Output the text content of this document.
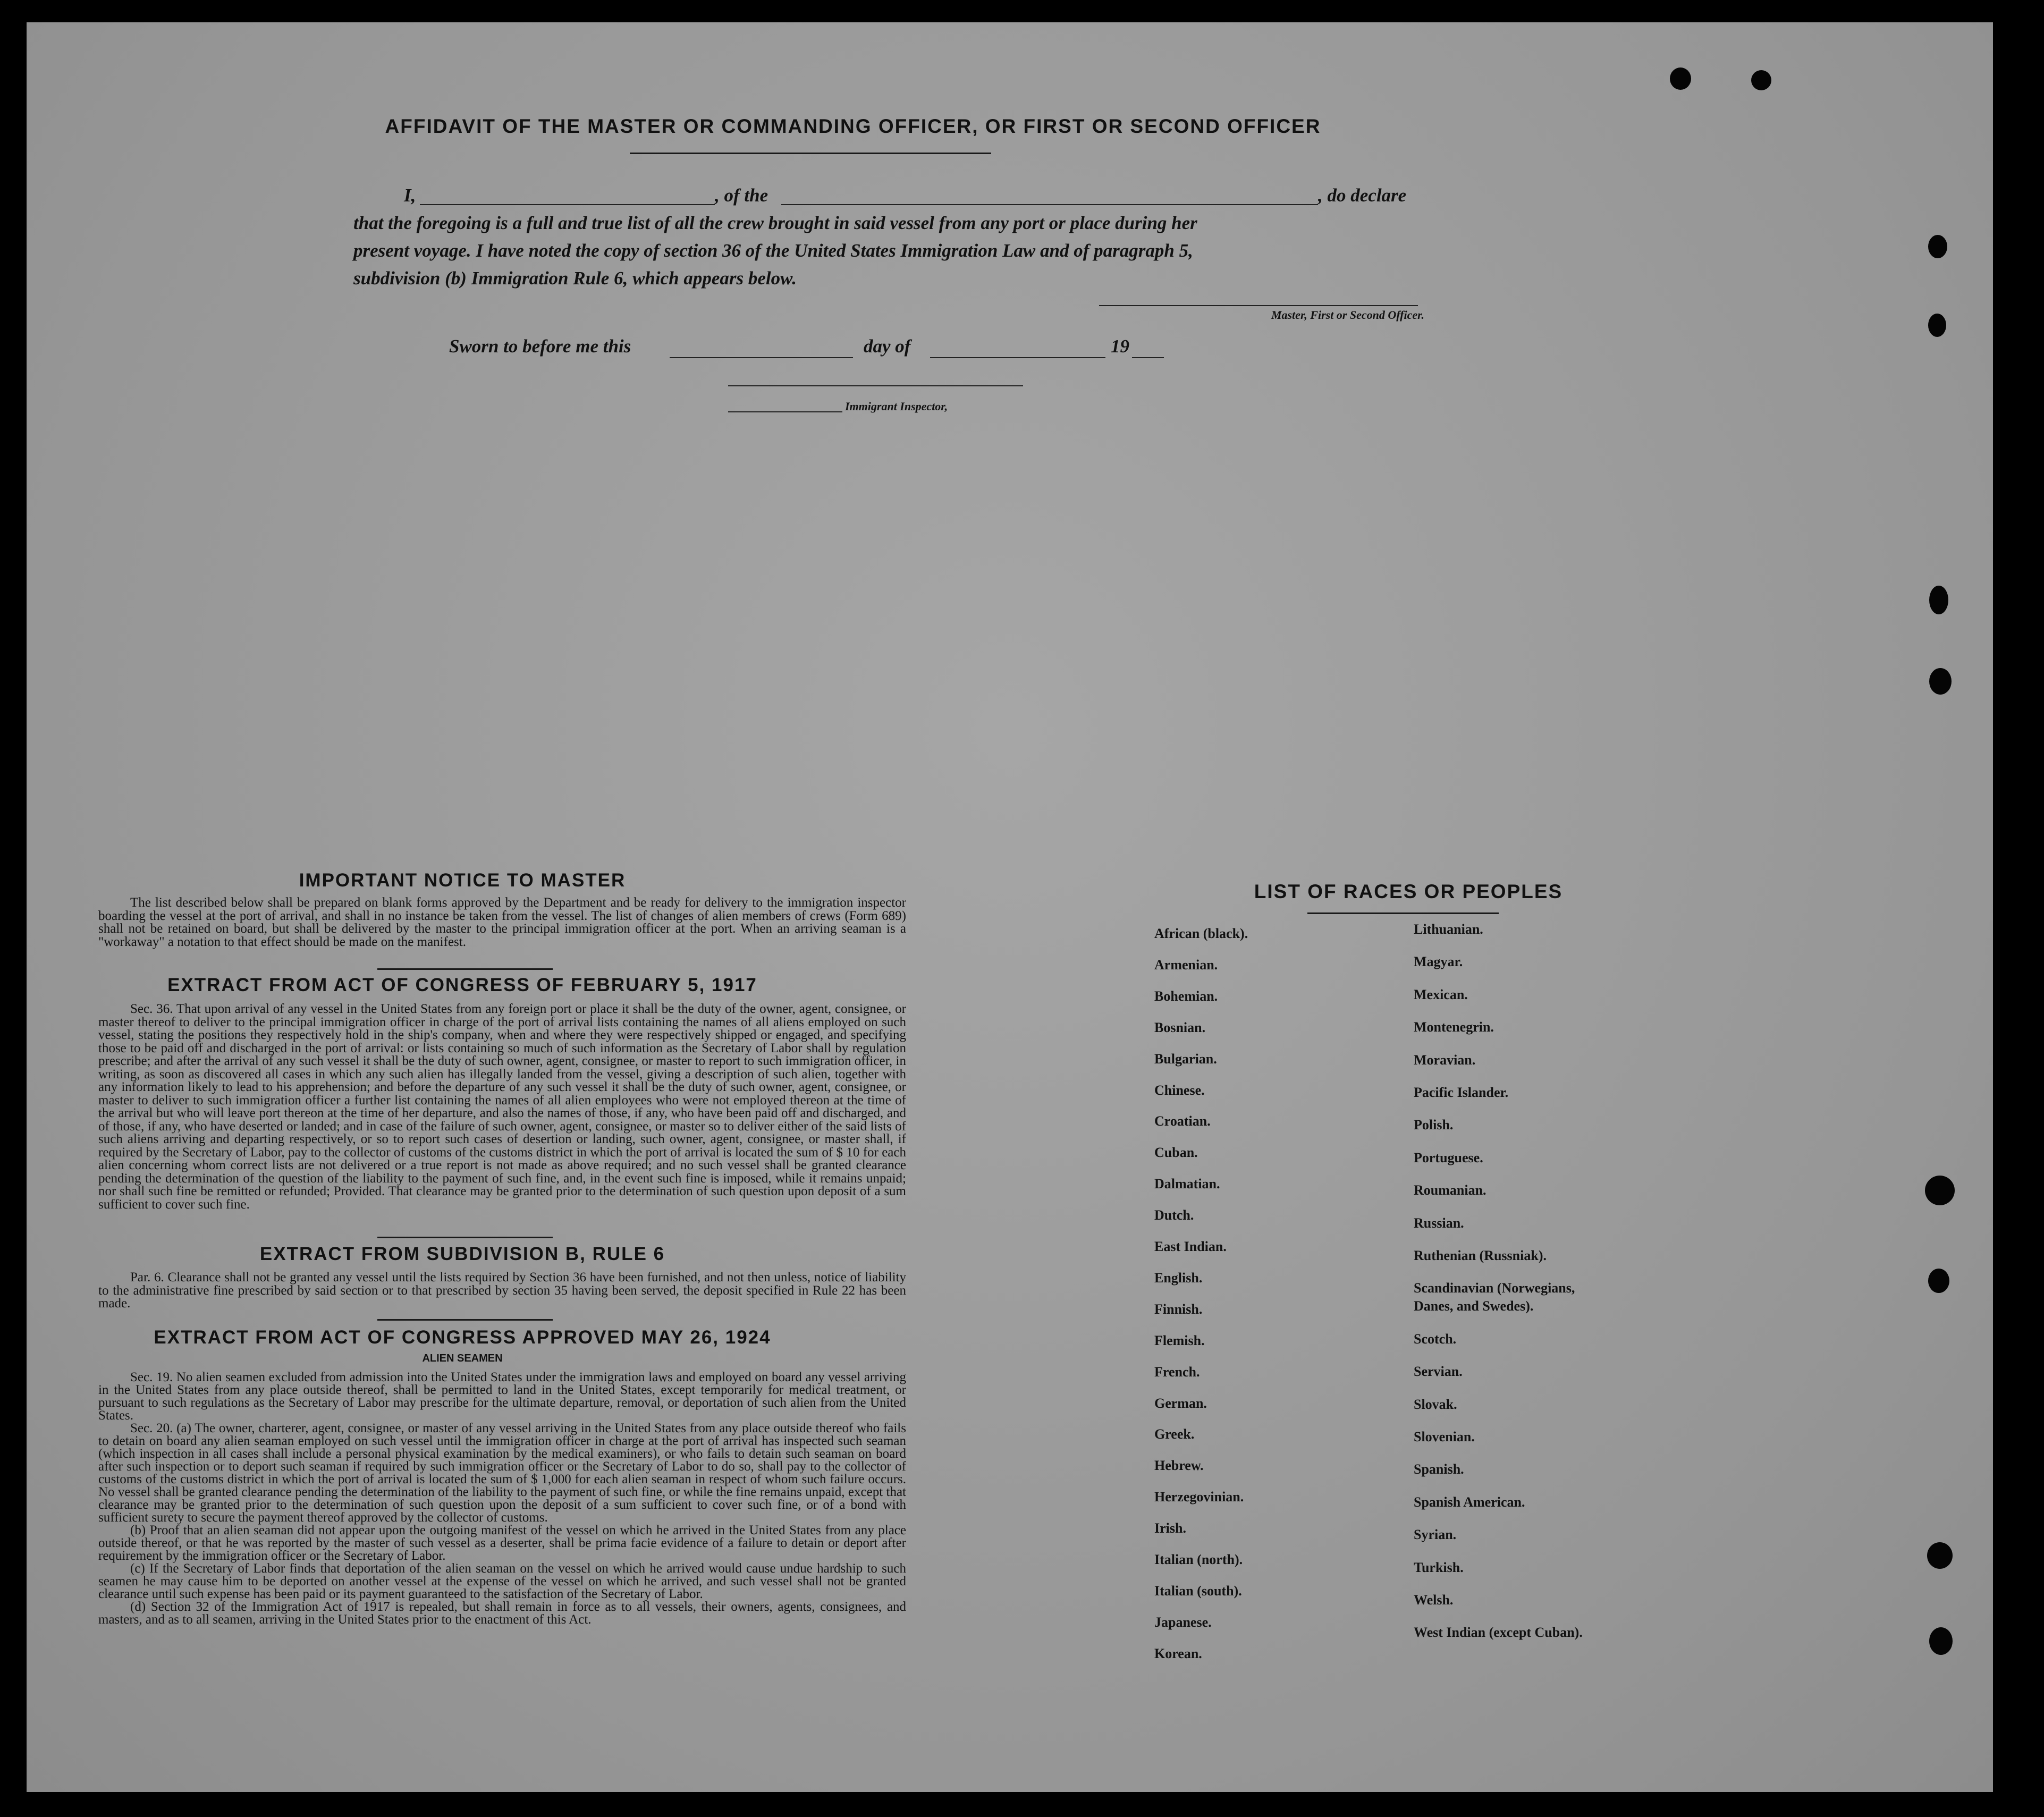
AFFIDAVIT OF THE MASTER OR COMMANDING OFFICER, OR FIRST OR SECOND OFFICER
I,	, of the	, do declare
that the foregoing is a full and true list of all the crew brought in said vessel from any port or place during her
present voyage. I have noted the copy of section 36 of the United States Immigration Law and of paragraph 5,
subdivision (b) Immigration Rule 6, which appears below.
Master, First or Second Officer.
Sworn to before me this	day of	19
Immigrant Inspector,
IMPORTANT NOTICE TO MASTER

The list described below shall be prepared on blank forms approved by the Department and be ready for delivery to the immigration inspector boarding the vessel at the port of arrival, and shall in no instance be taken from the vessel. The list of changes of alien members of crews (Form 689) shall not be retained on board, but shall be delivered by the master to the principal immigration officer at the port. When an arriving seaman is a "workaway" a notation to that effect should be made on the manifest.

EXTRACT FROM ACT OF CONGRESS OF FEBRUARY 5, 1917

Sec. 36. That upon arrival of any vessel in the United States from any foreign port or place it shall be the duty of the owner, agent, consignee, or master thereof to deliver to the principal immigration officer in charge of the port of arrival lists containing the names of all aliens employed on such vessel, stating the positions they respectively hold in the ship's company, when and where they were respectively shipped or engaged, and specifying those to be paid off and discharged in the port of arrival: or lists containing so much of such information as the Secretary of Labor shall by regulation prescribe; and after the arrival of any such vessel it shall be the duty of such owner, agent, consignee, or master to report to such immigration officer, in writing, as soon as discovered all cases in which any such alien has illegally landed from the vessel, giving a description of such alien, together with any information likely to lead to his apprehension; and before the departure of any such vessel it shall be the duty of such owner, agent, consignee, or master to deliver to such immigration officer a further list containing the names of all alien employees who were not employed thereon at the time of the arrival but who will leave port thereon at the time of her departure, and also the names of those, if any, who have been paid off and discharged, and of those, if any, who have deserted or landed; and in case of the failure of such owner, agent, consignee, or master so to deliver either of the said lists of such aliens arriving and departing respectively, or so to report such cases of desertion or landing, such owner, agent, consignee, or master shall, if required by the Secretary of Labor, pay to the collector of customs of the customs district in which the port of arrival is located the sum of $ 10 for each alien concerning whom correct lists are not delivered or a true report is not made as above required; and no such vessel shall be granted clearance pending the determination of the question of the liability to the payment of such fine, and, in the event such fine is imposed, while it remains unpaid; nor shall such fine be remitted or refunded; Provided. That clearance may be granted prior to the determination of such question upon deposit of a sum sufficient to cover such fine.

EXTRACT FROM SUBDIVISION B, RULE 6

Par. 6. Clearance shall not be granted any vessel until the lists required by Section 36 have been furnished, and not then unless, notice of liability to the administrative fine prescribed by said section or to that prescribed by section 35 having been served, the deposit specified in Rule 22 has been made.

EXTRACT FROM ACT OF CONGRESS APPROVED MAY 26, 1924
ALIEN SEAMEN

Sec. 19. No alien seamen excluded from admission into the United States under the immigration laws and employed on board any vessel arriving in the United States from any place outside thereof, shall be permitted to land in the United States, except temporarily for medical treatment, or pursuant to such regulations as the Secretary of Labor may prescribe for the ultimate departure, removal, or deportation of such alien from the United States.

Sec. 20. (a) The owner, charterer, agent, consignee, or master of any vessel arriving in the United States from any place outside thereof who fails to detain on board any alien seaman employed on such vessel until the immigration officer in charge at the port of arrival has inspected such seaman (which inspection in all cases shall include a personal physical examination by the medical examiners), or who fails to detain such seaman on board after such inspection or to deport such seaman if required by such immigration officer or the Secretary of Labor to do so, shall pay to the collector of customs of the customs district in which the port of arrival is located the sum of $ 1,000 for each alien seaman in respect of whom such failure occurs. No vessel shall be granted clearance pending the determination of the liability to the payment of such fine, or while the fine remains unpaid, except that clearance may be granted prior to the determination of such question upon the deposit of a sum sufficient to cover such fine, or of a bond with sufficient surety to secure the payment thereof approved by the collector of customs.

(b) Proof that an alien seaman did not appear upon the outgoing manifest of the vessel on which he arrived in the United States from any place outside thereof, or that he was reported by the master of such vessel as a deserter, shall be prima facie evidence of a failure to detain or deport after requirement by the immigration officer or the Secretary of Labor.

(c) If the Secretary of Labor finds that deportation of the alien seaman on the vessel on which he arrived would cause undue hardship to such seamen he may cause him to be deported on another vessel at the expense of the vessel on which he arrived, and such vessel shall not be granted clearance until such expense has been paid or its payment guaranteed to the satisfaction of the Secretary of Labor.

(d) Section 32 of the Immigration Act of 1917 is repealed, but shall remain in force as to all vessels, their owners, agents, consignees, and masters, and as to all seamen, arriving in the United States prior to the enactment of this Act.

LIST OF RACES OR PEOPLES
African (black).
Armenian.
Bohemian.
Bosnian.
Bulgarian.
Chinese.
Croatian.
Cuban.
Dalmatian.
Dutch.
East Indian.
English.
Finnish.
Flemish.
French.
German.
Greek.
Hebrew.
Herzegovinian.
Irish.
Italian (north).
Italian (south).
Japanese.
Korean.
Lithuanian.
Magyar.
Mexican.
Montenegrin.
Moravian.
Pacific Islander.
Polish.
Portuguese.
Roumanian.
Russian.
Ruthenian (Russniak).
Scandinavian (Norwegians,
Danes, and Swedes).
Scotch.
Servian.
Slovak.
Slovenian.
Spanish.
Spanish American.
Syrian.
Turkish.
Welsh.
West Indian (except Cuban).
